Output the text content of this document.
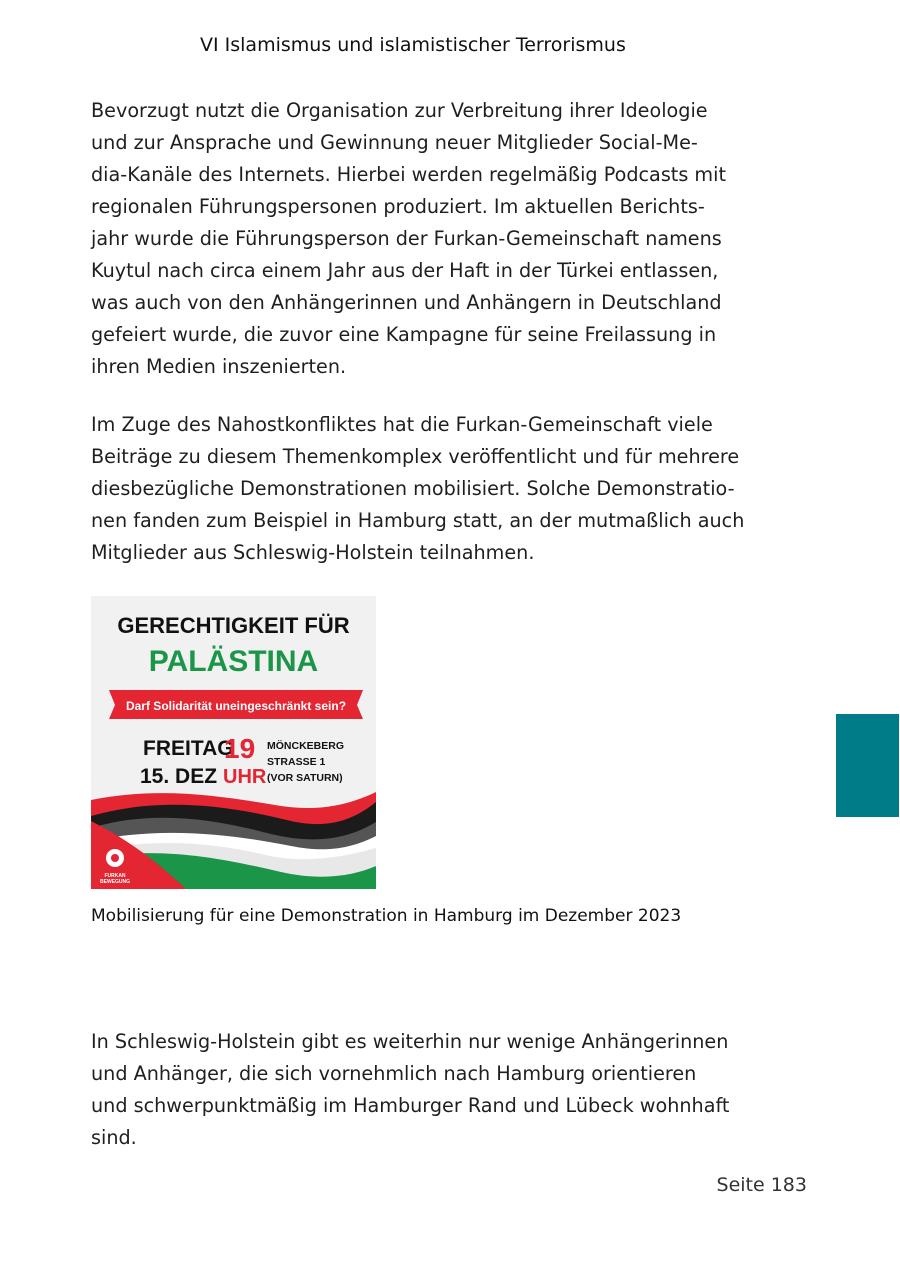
VI Islamismus und islamistischer Terrorismus
Bevorzugt nutzt die Organisation zur Verbreitung ihrer Ideologie
und zur Ansprache und Gewinnung neuer Mitglieder Social-Me-
dia-Kanäle des Internets. Hierbei werden regelmäßig Podcasts mit
regionalen Führungspersonen produziert. Im aktuellen Berichts-
jahr wurde die Führungsperson der Furkan-Gemeinschaft namens
Kuytul nach circa einem Jahr aus der Haft in der Türkei entlassen,
was auch von den Anhängerinnen und Anhängern in Deutschland
gefeiert wurde, die zuvor eine Kampagne für seine Freilassung in
ihren Medien inszenierten.
Im Zuge des Nahostkonfliktes hat die Furkan-Gemeinschaft viele
Beiträge zu diesem Themenkomplex veröffentlicht und für mehrere
diesbezügliche Demonstrationen mobilisiert. Solche Demonstratio-
nen fanden zum Beispiel in Hamburg statt, an der mutmaßlich auch
Mitglieder aus Schleswig-Holstein teilnahmen.
GERECHTIGKEIT FÜR
PALÄSTINA
Darf Solidarität uneingeschränkt sein?
FREITAG
15. DEZ
19
UHR
MÖNCKEBERG
STRASSE 1
(VOR SATURN)
FURKAN
BEWEGUNG
Mobilisierung für eine Demonstration in Hamburg im Dezember 2023
In Schleswig-Holstein gibt es weiterhin nur wenige Anhängerinnen
und Anhänger, die sich vornehmlich nach Hamburg orientieren
und schwerpunktmäßig im Hamburger Rand und Lübeck wohnhaft
sind.
Seite 183
